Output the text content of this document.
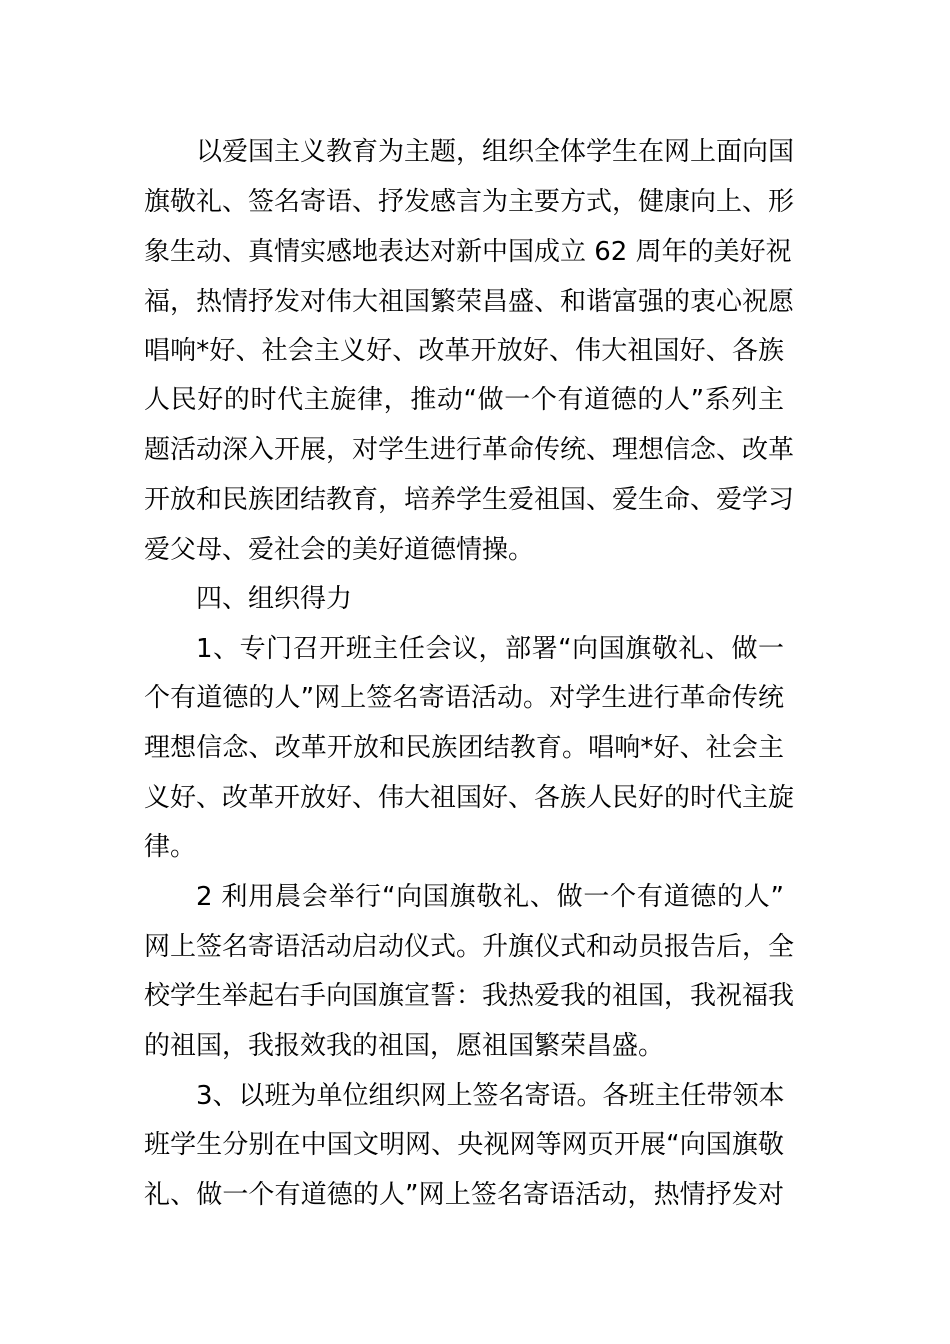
以爱国主义教育为主题，组织全体学生在网上面向国
旗敬礼、签名寄语、抒发感言为主要方式，健康向上、形
象生动、真情实感地表达对新中国成立 62 周年的美好祝
福，热情抒发对伟大祖国繁荣昌盛、和谐富强的衷心祝愿
唱响*好、社会主义好、改革开放好、伟大祖国好、各族
人民好的时代主旋律，推动“做一个有道德的人”系列主
题活动深入开展，对学生进行革命传统、理想信念、改革
开放和民族团结教育，培养学生爱祖国、爱生命、爱学习
爱父母、爱社会的美好道德情操。
四、组织得力
1、专门召开班主任会议，部署“向国旗敬礼、做一
个有道德的人”网上签名寄语活动。对学生进行革命传统
理想信念、改革开放和民族团结教育。唱响*好、社会主
义好、改革开放好、伟大祖国好、各族人民好的时代主旋
律。
2 利用晨会举行“向国旗敬礼、做一个有道德的人”
网上签名寄语活动启动仪式。升旗仪式和动员报告后，全
校学生举起右手向国旗宣誓：我热爱我的祖国，我祝福我
的祖国，我报效我的祖国，愿祖国繁荣昌盛。
3、以班为单位组织网上签名寄语。各班主任带领本
班学生分别在中国文明网、央视网等网页开展“向国旗敬
礼、做一个有道德的人”网上签名寄语活动，热情抒发对
